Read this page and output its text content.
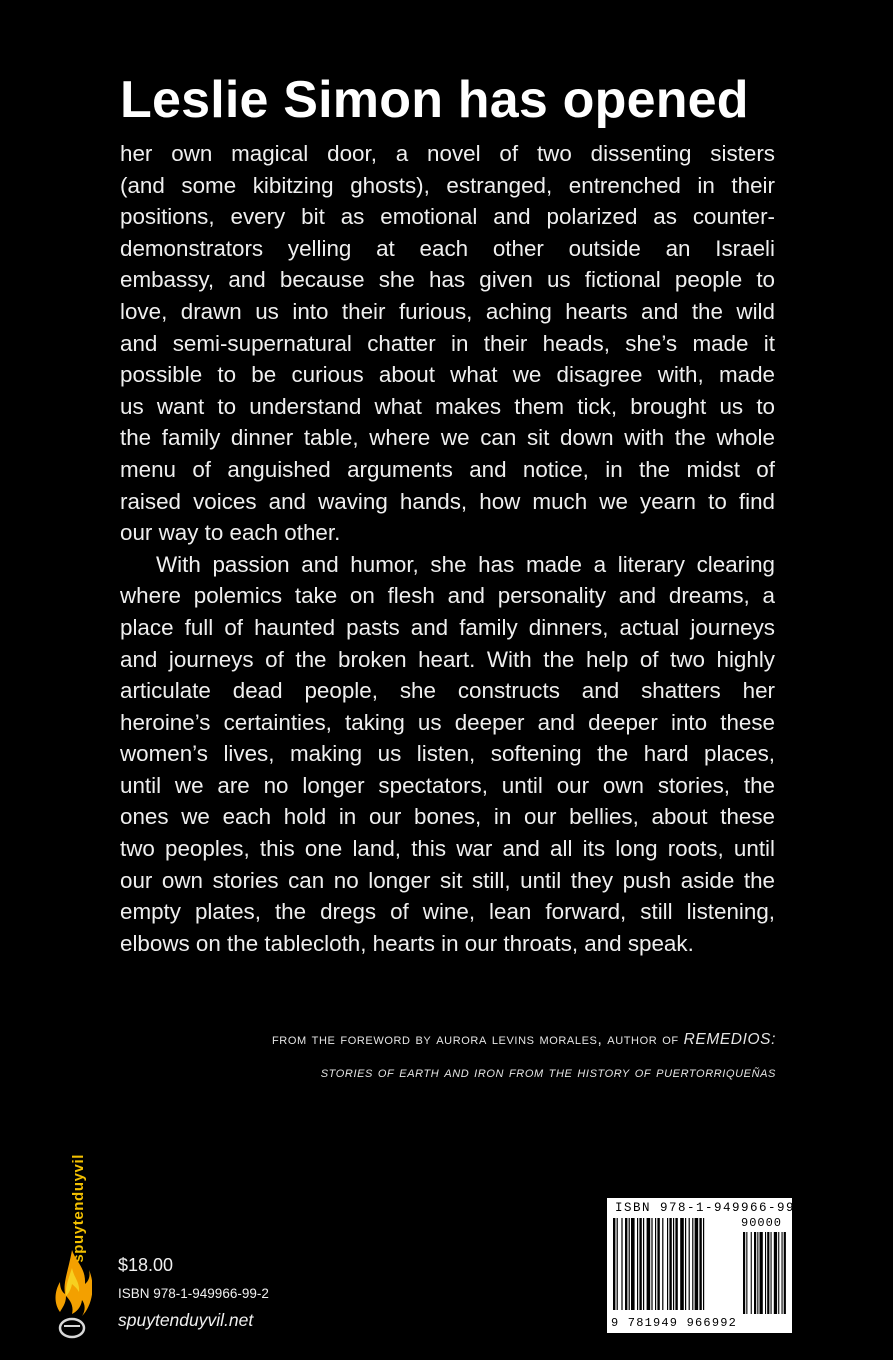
Leslie Simon has opened
her own magical door, a novel of two dissenting sisters
(and some kibitzing ghosts), estranged, entrenched in their
positions, every bit as emotional and polarized as counter-
demonstrators yelling at each other outside an Israeli
embassy, and because she has given us fictional people to
love, drawn us into their furious, aching hearts and the wild
and semi-supernatural chatter in their heads, she’s made it
possible to be curious about what we disagree with, made
us want to understand what makes them tick, brought us to
the family dinner table, where we can sit down with the whole
menu of anguished arguments and notice, in the midst of
raised voices and waving hands, how much we yearn to find
our way to each other.
With passion and humor, she has made a literary clearing
where polemics take on flesh and personality and dreams, a
place full of haunted pasts and family dinners, actual journeys
and journeys of the broken heart. With the help of two highly
articulate dead people, she constructs and shatters her
heroine’s certainties, taking us deeper and deeper into these
women’s lives, making us listen, softening the hard places,
until we are no longer spectators, until our own stories, the
ones we each hold in our bones, in our bellies, about these
two peoples, this one land, this war and all its long roots, until
our own stories can no longer sit still, until they push aside the
empty plates, the dregs of wine, lean forward, still listening,
elbows on the tablecloth, hearts in our throats, and speak.
from the foreword by aurora levins morales, author of REMEDIOS:
stories of earth and iron from the history of puertorriqueñas
spuytenduyvil
$18.00
ISBN 978-1-949966-99-2
spuytenduyvil.net
ISBN 978-1-949966-99-2
90000
9 781949 966992
